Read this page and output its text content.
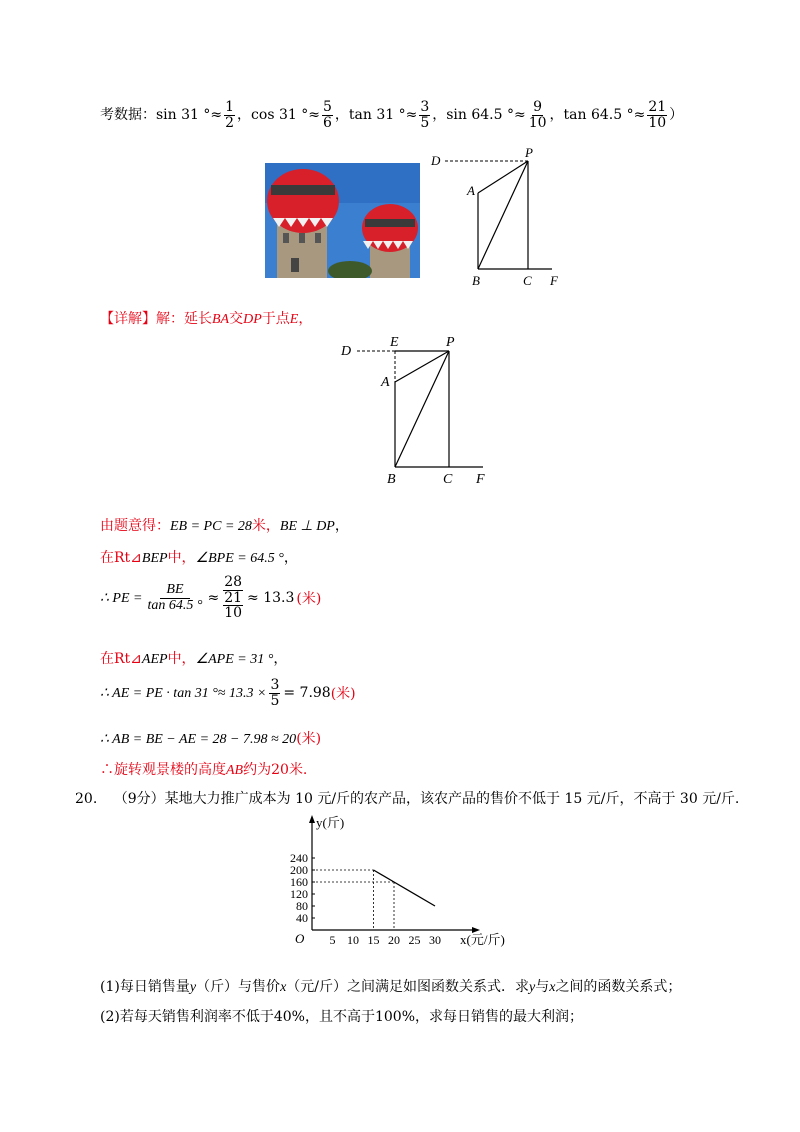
考数据：sin 31 °≈ $\frac{1}{2}$ ，cos 31 °≈ $\frac{5}{6}$ ，tan 31 °≈ $\frac{3}{5}$ ，sin 64.5 °≈ $\frac{9}{10}$ ，tan 64.5 °≈ $\frac{21}{10}$ ）
D
P
A
B	C F
【详解】解：延长BA交DP于点E，
D
E	P
A
B	C F
由题意得：EB = PC = 28米，BE ⊥ DP，
在Rt⊿BEP中，∠BPE = 64.5 °，
∴ PE = $\frac{BE}{\tan 64.5 ^\circ} \approx \frac{28}{\frac{21}{10}} \approx 13.3$ (米)
在Rt⊿AEP中，∠APE = 31 °，
∴ AE = PE · tan 31 °≈ $13.3 \times \frac{3}{5} = 7.98$ (米)
∴ AB = BE − AE = 28 − 7.98 ≈ 20(米)
∴旋转观景楼的高度AB约为20米.
20. （9分）某地大力推广成本为 10 元/斤的农产品，该农产品的售价不低于 15 元/斤，不高于 30 元/斤.
O
y(斤)
x(元/斤)
5 10 15 20 25 30
40
80
120
160
200
240
(1)每日销售量y（斤）与售价x（元/斤）之间满足如图函数关系式．求y与x之间的函数关系式；
(2)若每天销售利润率不低于40%，且不高于100%，求每日销售的最大利润；
